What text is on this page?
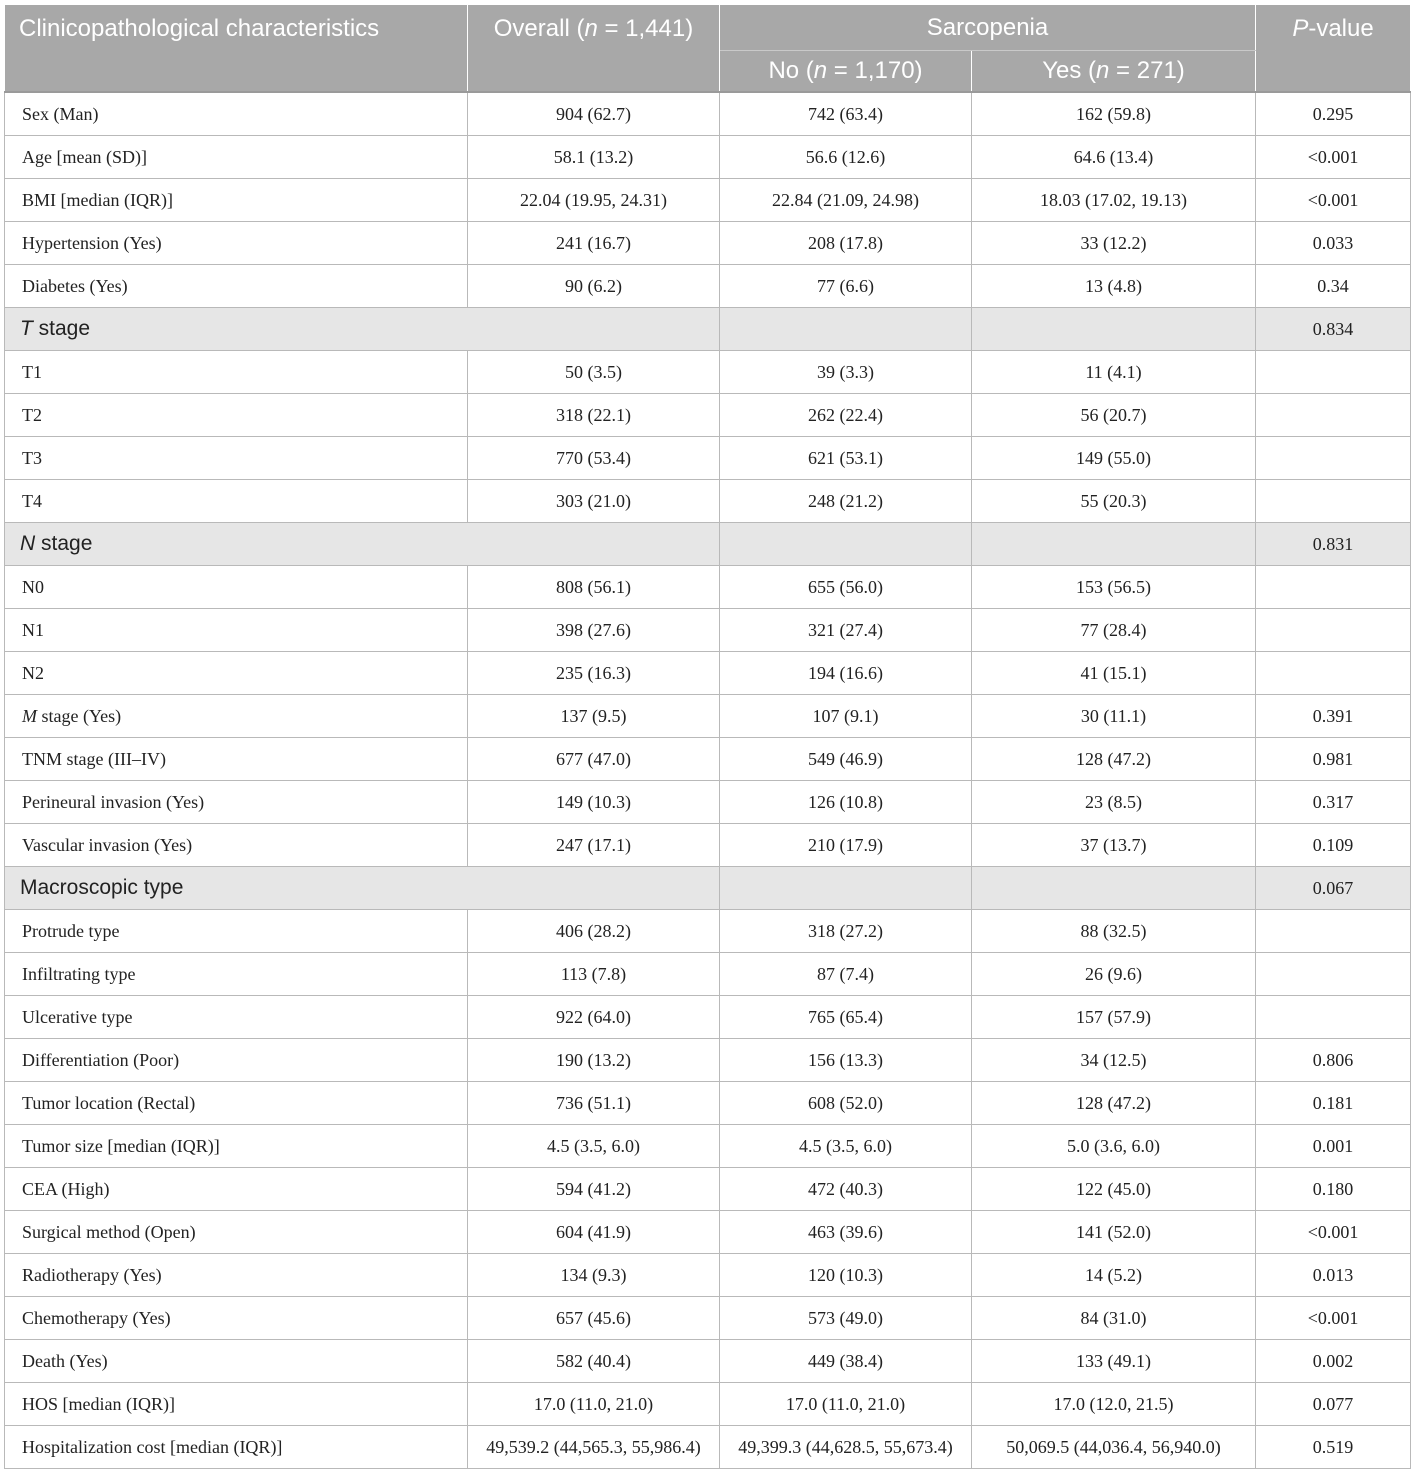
Clinicopathological characteristics	Overall (n = 1,441)	Sarcopenia		P-value
		No (n = 1,170)	Yes (n = 271)	
Sex (Man)	904 (62.7)	742 (63.4)	162 (59.8)	0.295
Age [mean (SD)]	58.1 (13.2)	56.6 (12.6)	64.6 (13.4)	<0.001
BMI [median (IQR)]	22.04 (19.95, 24.31)	22.84 (21.09, 24.98)	18.03 (17.02, 19.13)	<0.001
Hypertension (Yes)	241 (16.7)	208 (17.8)	33 (12.2)	0.033
Diabetes (Yes)	90 (6.2)	77 (6.6)	13 (4.8)	0.34
T stage				0.834
T1	50 (3.5)	39 (3.3)	11 (4.1)	
T2	318 (22.1)	262 (22.4)	56 (20.7)	
T3	770 (53.4)	621 (53.1)	149 (55.0)	
T4	303 (21.0)	248 (21.2)	55 (20.3)	
N stage				0.831
N0	808 (56.1)	655 (56.0)	153 (56.5)	
N1	398 (27.6)	321 (27.4)	77 (28.4)	
N2	235 (16.3)	194 (16.6)	41 (15.1)	
M stage (Yes)	137 (9.5)	107 (9.1)	30 (11.1)	0.391
TNM stage (III–IV)	677 (47.0)	549 (46.9)	128 (47.2)	0.981
Perineural invasion (Yes)	149 (10.3)	126 (10.8)	23 (8.5)	0.317
Vascular invasion (Yes)	247 (17.1)	210 (17.9)	37 (13.7)	0.109
Macroscopic type				0.067
Protrude type	406 (28.2)	318 (27.2)	88 (32.5)	
Infiltrating type	113 (7.8)	87 (7.4)	26 (9.6)	
Ulcerative type	922 (64.0)	765 (65.4)	157 (57.9)	
Differentiation (Poor)	190 (13.2)	156 (13.3)	34 (12.5)	0.806
Tumor location (Rectal)	736 (51.1)	608 (52.0)	128 (47.2)	0.181
Tumor size [median (IQR)]	4.5 (3.5, 6.0)	4.5 (3.5, 6.0)	5.0 (3.6, 6.0)	0.001
CEA (High)	594 (41.2)	472 (40.3)	122 (45.0)	0.180
Surgical method (Open)	604 (41.9)	463 (39.6)	141 (52.0)	<0.001
Radiotherapy (Yes)	134 (9.3)	120 (10.3)	14 (5.2)	0.013
Chemotherapy (Yes)	657 (45.6)	573 (49.0)	84 (31.0)	<0.001
Death (Yes)	582 (40.4)	449 (38.4)	133 (49.1)	0.002
HOS [median (IQR)]	17.0 (11.0, 21.0)	17.0 (11.0, 21.0)	17.0 (12.0, 21.5)	0.077
Hospitalization cost [median (IQR)]	49,539.2 (44,565.3, 55,986.4)	49,399.3 (44,628.5, 55,673.4)	50,069.5 (44,036.4, 56,940.0)	0.519
